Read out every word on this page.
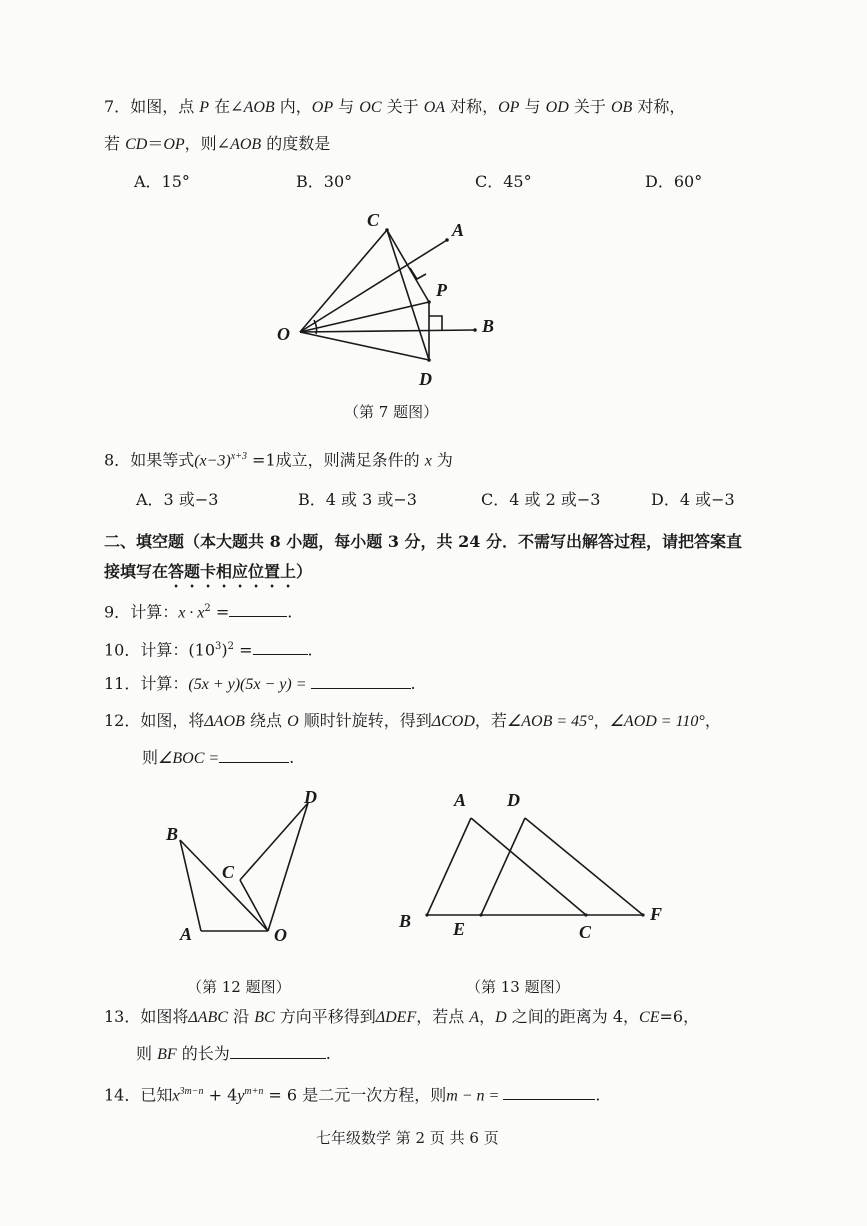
7．如图，点 P 在∠AOB 内，OP 与 OC 关于 OA 对称，OP 与 OD 关于 OB 对称，
若 CD＝OP，则∠AOB 的度数是
A．15°	B．30°	C．45°	D．60°
C	A
P
O	B
D
（第 7 题图）
8．如果等式$(x-3)^{x+3} =1$成立，则满足条件的 x 为
A．3 或−3	B．4 或 3 或−3	C．4 或 2 或−3	D．4 或−3
二、填空题（本大题共 8 小题，每小题 3 分，共 24 分．不需写出解答过程，请把答案直
接填写在答题卡相应位置上）
9．计算：$x \cdot x^2$ =	.
10．计算：$(10^3)^2$ =	.
11．计算：(5x + y)(5x − y) =	.
12．如图，将ΔAOB 绕点 O 顺时针旋转，得到ΔCOD，若∠AOB = 45°，∠AOD = 110°，
则∠BOC =	.
B
A
C
O
D
（第 12 题图）
A D
B E	C
F
（第 13 题图）
13．如图将ΔABC 沿 BC 方向平移得到ΔDEF，若点 A，D 之间的距离为 4，CE=6，
则 BF 的长为	.
14．已知$x^{3m-n} + 4y^{m+n} = 6$ 是二元一次方程，则m − n =	.
七年级数学 第 2 页 共 6 页
